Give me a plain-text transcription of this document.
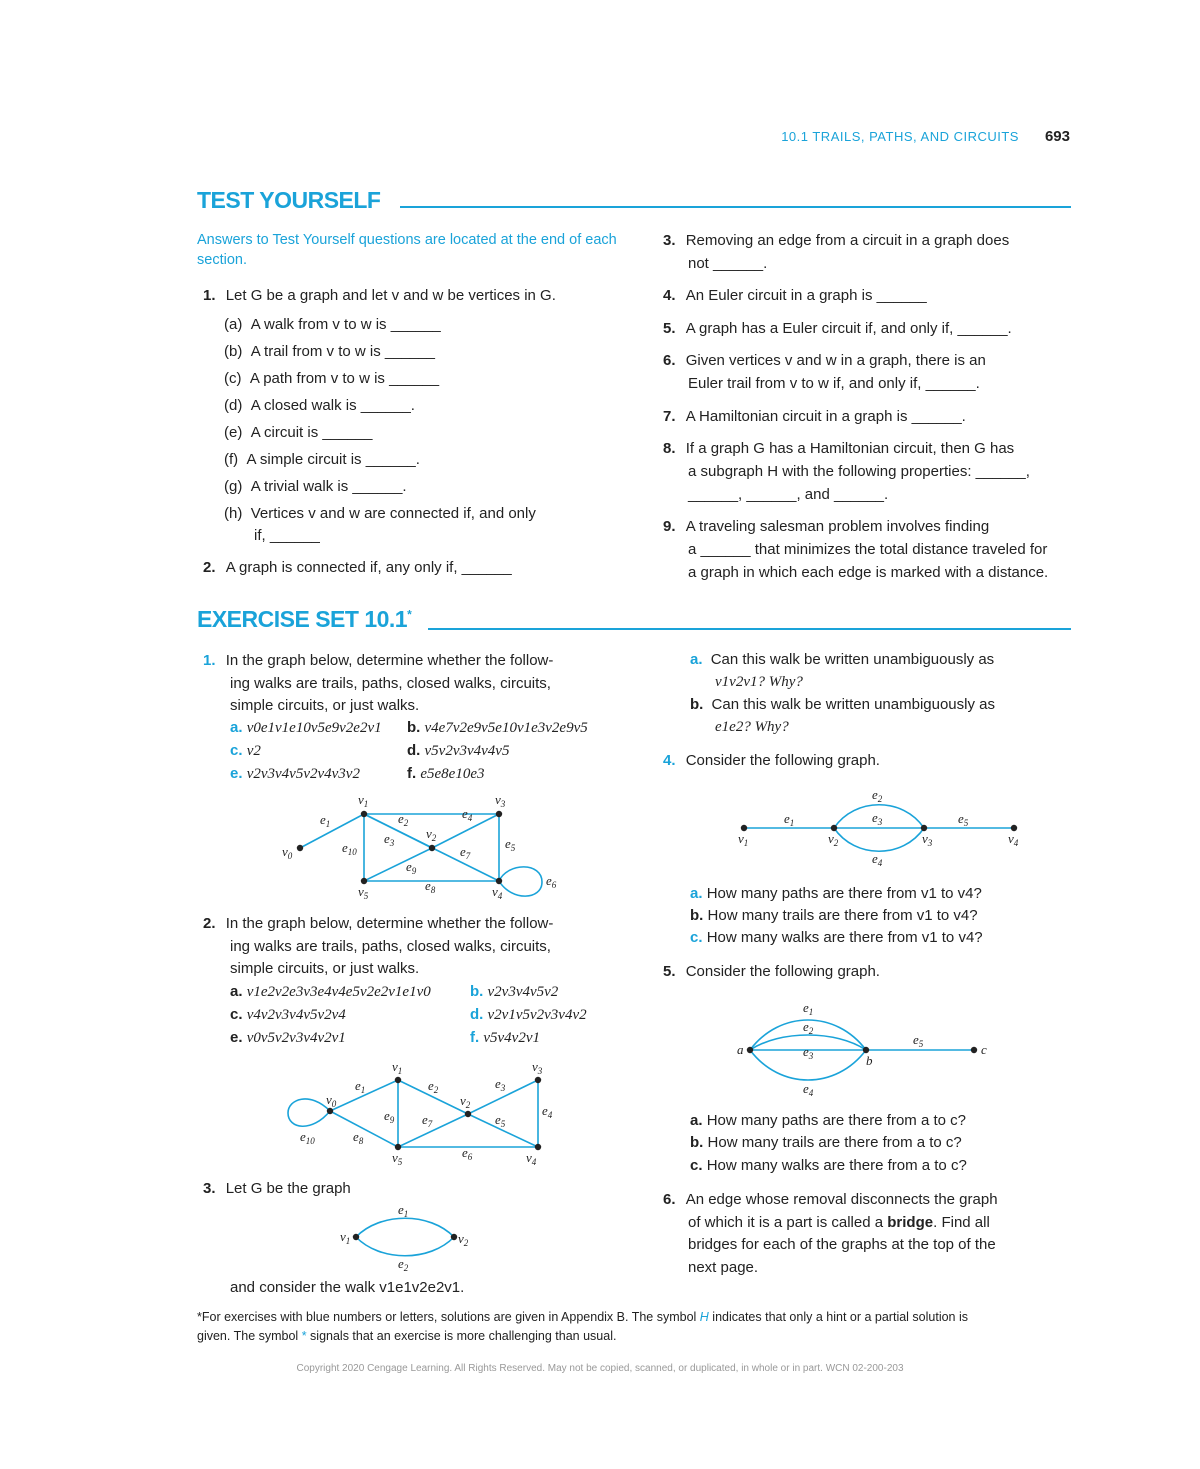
10.1 TRAILS, PATHS, AND CIRCUITS 693
TEST YOURSELF
Answers to Test Yourself questions are located at the end of each section.
1. Let G be a graph and let v and w be vertices in G.
(a) A walk from v to w is ______
(b) A trail from v to w is ______
(c) A path from v to w is ______
(d) A closed walk is ______.
(e) A circuit is ______
(f) A simple circuit is ______.
(g) A trivial walk is ______.
(h) Vertices v and w are connected if, and only
if, ______
2. A graph is connected if, any only if, ______
3. Removing an edge from a circuit in a graph does
not ______.
4. An Euler circuit in a graph is ______
5. A graph has a Euler circuit if, and only if, ______.
6. Given vertices v and w in a graph, there is an
Euler trail from v to w if, and only if, ______.
7. A Hamiltonian circuit in a graph is ______.
8. If a graph G has a Hamiltonian circuit, then G has
a subgraph H with the following properties: ______,
______, ______, and ______.
9. A traveling salesman problem involves finding
a ______ that minimizes the total distance traveled for
a graph in which each edge is marked with a distance.
EXERCISE SET 10.1*
1. In the graph below, determine whether the follow-
ing walks are trails, paths, closed walks, circuits,
simple circuits, or just walks.
a. v0e1v1e10v5e9v2e2v1 b. v4e7v2e9v5e10v1e3v2e9v5
c. v2	d. v5v2v3v4v4v5
e. v2v3v4v5v2v4v3v2	f. e5e8e10e3
$v_1$	$v_3$
$v_0$
$v_2$
$v_5$	$v_4$
$e_1$	$e_2$
$e_3$
$e_4$
$e_5$
$e_6$
$e_7$
$e_8$
$e_9$
$e_{10}$
2. In the graph below, determine whether the follow-
ing walks are trails, paths, closed walks, circuits,
simple circuits, or just walks.
a. v1e2v2e3v3e4v4e5v2e2v1e1v0	b. v2v3v4v5v2
c. v4v2v3v4v5v2v4	d. v2v1v5v2v3v4v2
e. v0v5v2v3v4v2v1	f. v5v4v2v1
$v_1$	$v_3$
$v_0$	$v_2$
$v_5$	$v_4$
$e_1$	$e_2$	$e_3$
$e_4$
$e_5$
$e_6$
$e_7$
$e_8$
$e_9$
$e_{10}$
3. Let G be the graph
$v_1$	$v_2$
$e_1$
$e_2$
and consider the walk v1e1v2e2v1.
a. Can this walk be written unambiguously as
v1v2v1? Why?
b. Can this walk be written unambiguously as
e1e2? Why?
4. Consider the following graph.
$v_1$	$v_2$	$v_3$	$v_4$
$e_1$
$e_2$
$e_3$
$e_4$
$e_5$
a. How many paths are there from v1 to v4?
b. How many trails are there from v1 to v4?
c. How many walks are there from v1 to v4?
5. Consider the following graph.
a
b
c
$e_1$
$e_2$
$e_3$
$e_4$
$e_5$
a. How many paths are there from a to c?
b. How many trails are there from a to c?
c. How many walks are there from a to c?
6. An edge whose removal disconnects the graph
of which it is a part is called a bridge. Find all
bridges for each of the graphs at the top of the
next page.
*For exercises with blue numbers or letters, solutions are given in Appendix B. The symbol H indicates that only a hint or a partial solution is
given. The symbol * signals that an exercise is more challenging than usual.
Copyright 2020 Cengage Learning. All Rights Reserved. May not be copied, scanned, or duplicated, in whole or in part. WCN 02-200-203
